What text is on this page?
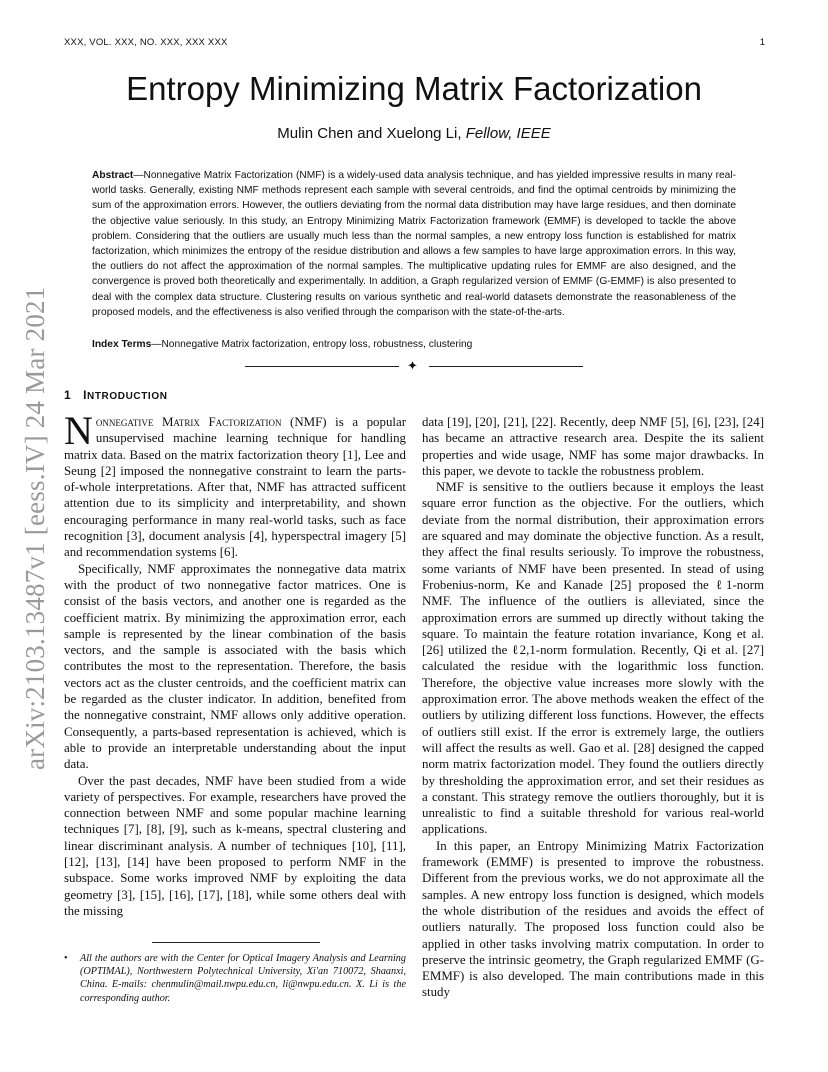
XXX, VOL. XXX, NO. XXX, XXX XXX	1
arXiv:2103.13487v1 [eess.IV] 24 Mar 2021
Entropy Minimizing Matrix Factorization
Mulin Chen and Xuelong Li, Fellow, IEEE
Abstract—Nonnegative Matrix Factorization (NMF) is a widely-used data analysis technique, and has yielded impressive results in many real-world tasks. Generally, existing NMF methods represent each sample with several centroids, and find the optimal centroids by minimizing the sum of the approximation errors. However, the outliers deviating from the normal data distribution may have large residues, and then dominate the objective value seriously. In this study, an Entropy Minimizing Matrix Factorization framework (EMMF) is developed to tackle the above problem. Considering that the outliers are usually much less than the normal samples, a new entropy loss function is established for matrix factorization, which minimizes the entropy of the residue distribution and allows a few samples to have large approximation errors. In this way, the outliers do not affect the approximation of the normal samples. The multiplicative updating rules for EMMF are also designed, and the convergence is proved both theoretically and experimentally. In addition, a Graph regularized version of EMMF (G-EMMF) is also presented to deal with the complex data structure. Clustering results on various synthetic and real-world datasets demonstrate the reasonableness of the proposed models, and the effectiveness is also verified through the comparison with the state-of-the-arts.
Index Terms—Nonnegative Matrix factorization, entropy loss, robustness, clustering
✦
1 INTRODUCTION

Nonnegative Matrix Factorization (NMF) is a popular unsupervised machine learning technique for handling matrix data. Based on the matrix factorization theory [1], Lee and Seung [2] imposed the nonnegative constraint to learn the parts-of-whole interpretations. After that, NMF has attracted sufficent attention due to its simplicity and interpretability, and shown encouraging performance in many real-world tasks, such as face recognition [3], document analysis [4], hyperspectral imagery [5] and recommendation systems [6].

Specifically, NMF approximates the nonnegative data matrix with the product of two nonnegative factor matrices. One is consist of the basis vectors, and another one is regarded as the coefficient matrix. By minimizing the approximation error, each sample is represented by the linear combination of the basis vectors, and the sample is associated with the basis which contributes the most to the representation. Therefore, the basis vectors act as the cluster centroids, and the coefficient matrix can be regarded as the cluster indicator. In addition, benefited from the nonnegative constraint, NMF allows only additive operation. Consequently, a parts-based representation is achieved, which is able to provide an interpretable understanding about the input data.

Over the past decades, NMF have been studied from a wide variety of perspectives. For example, researchers have proved the connection between NMF and some popular machine learning techniques [7], [8], [9], such as k-means, spectral clustering and linear discriminant analysis. A number of techniques [10], [11], [12], [13], [14] have been proposed to perform NMF in the subspace. Some works improved NMF by exploiting the data geometry [3], [15], [16], [17], [18], while some others deal with the missing

• All the authors are with the Center for Optical Imagery Analysis and Learning (OPTIMAL), Northwestern Polytechnical University, Xi'an 710072, Shaanxi, China. E-mails: chenmulin@mail.nwpu.edu.cn, li@nwpu.edu.cn. X. Li is the corresponding author.

data [19], [20], [21], [22]. Recently, deep NMF [5], [6], [23], [24] has became an attractive research area. Despite the its salient properties and wide usage, NMF has some major drawbacks. In this paper, we devote to tackle the robustness problem.

NMF is sensitive to the outliers because it employs the least square error function as the objective. For the outliers, which deviate from the normal distribution, their approximation errors are squared and may dominate the objective function. As a result, they affect the final results seriously. To improve the robustness, some variants of NMF have been presented. In stead of using Frobenius-norm, Ke and Kanade [25] proposed the ℓ1-norm NMF. The influence of the outliers is alleviated, since the approximation errors are summed up directly without taking the square. To maintain the feature rotation invariance, Kong et al. [26] utilized the ℓ2,1-norm formulation. Recently, Qi et al. [27] calculated the residue with the logarithmic loss function. Therefore, the objective value increases more slowly with the approximation error. The above methods weaken the effect of the outliers by utilizing different loss functions. However, the effects of outliers still exist. If the error is extremely large, the outliers will affect the results as well. Gao et al. [28] designed the capped norm matrix factorization model. They found the outliers directly by thresholding the approximation error, and set their residues as a constant. This strategy remove the outliers thoroughly, but it is unrealistic to find a suitable threshold for various real-world applications.

In this paper, an Entropy Minimizing Matrix Factorization framework (EMMF) is presented to improve the robustness. Different from the previous works, we do not approximate all the samples. A new entropy loss function is designed, which models the whole distribution of the residues and avoids the effect of outliers naturally. The proposed loss function could also be applied in other tasks involving matrix computation. In order to preserve the intrinsic geometry, the Graph regularized EMMF (G-EMMF) is also developed. The main contributions made in this study
